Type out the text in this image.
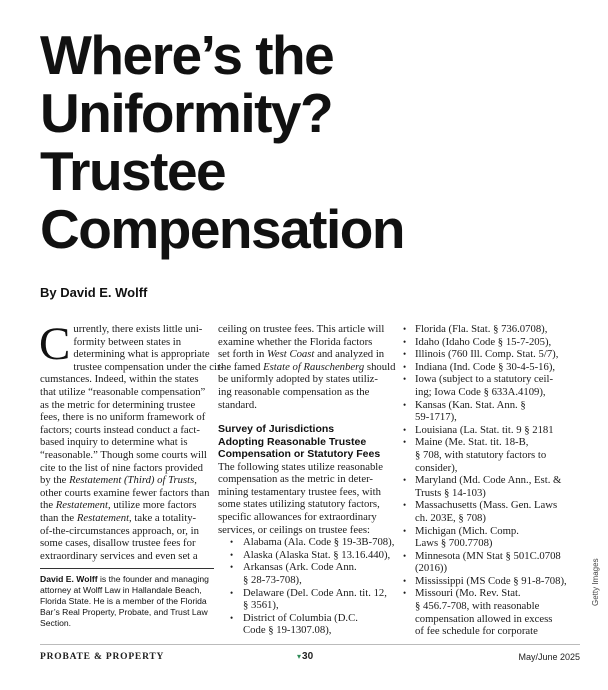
Where’s the
Uniformity?
Trustee
Compensation
By David E. Wolff
C urrently, there exists little uni-
formity between states in
determining what is appropriate
trustee compensation under the cir-
cumstances. Indeed, within the states
that utilize “reasonable compensation”
as the metric for determining trustee
fees, there is no uniform framework of
factors; courts instead conduct a fact-
based inquiry to determine what is
“reasonable.” Though some courts will
cite to the list of nine factors provided
by the Restatement (Third) of Trusts,
other courts examine fewer factors than
the Restatement, utilize more factors
than the Restatement, take a totality-
of-the-circumstances approach, or, in
some cases, disallow trustee fees for
extraordinary services and even set a
David E. Wolff is the founder and managing
attorney at Wolff Law in Hallandale Beach,
Florida State. He is a member of the Florida
Bar’s Real Property, Probate, and Trust Law
Section.
ceiling on trustee fees. This article will
examine whether the Florida factors
set forth in West Coast and analyzed in
the famed Estate of Rauschenberg should
be uniformly adopted by states utiliz-
ing reasonable compensation as the
standard.
Survey of Jurisdictions
Adopting Reasonable Trustee
Compensation or Statutory Fees
The following states utilize reasonable
compensation as the metric in deter-
mining testamentary trustee fees, with
some states utilizing statutory factors,
specific allowances for extraordinary
services, or ceilings on trustee fees:
• Alabama (Ala. Code § 19-3B-708),
• Alaska (Alaska Stat. § 13.16.440),
• Arkansas (Ark. Code Ann.
§ 28-73-708),
• Delaware (Del. Code Ann. tit. 12,
§ 3561),
• District of Columbia (D.C.
Code § 19-1307.08),
• Florida (Fla. Stat. § 736.0708),
• Idaho (Idaho Code § 15-7-205),
• Illinois (760 Ill. Comp. Stat. 5/7),
• Indiana (Ind. Code § 30-4-5-16),
• Iowa (subject to a statutory ceil-
ing; Iowa Code § 633A.4109),
• Kansas (Kan. Stat. Ann. §
59-1717),
• Louisiana (La. Stat. tit. 9 § 2181
• Maine (Me. Stat. tit. 18-B,
§ 708, with statutory factors to
consider),
• Maryland (Md. Code Ann., Est. &
Trusts § 14-103)
• Massachusetts (Mass. Gen. Laws
ch. 203E, § 708)
• Michigan (Mich. Comp.
Laws § 700.7708)
• Minnesota (MN Stat § 501C.0708
(2016))
• Mississippi (MS Code § 91-8-708),
• Missouri (Mo. Rev. Stat.
§ 456.7-708, with reasonable
compensation allowed in excess
of fee schedule for corporate
Getty Images
PROBATE & PROPERTY	▾30	May/June 2025
